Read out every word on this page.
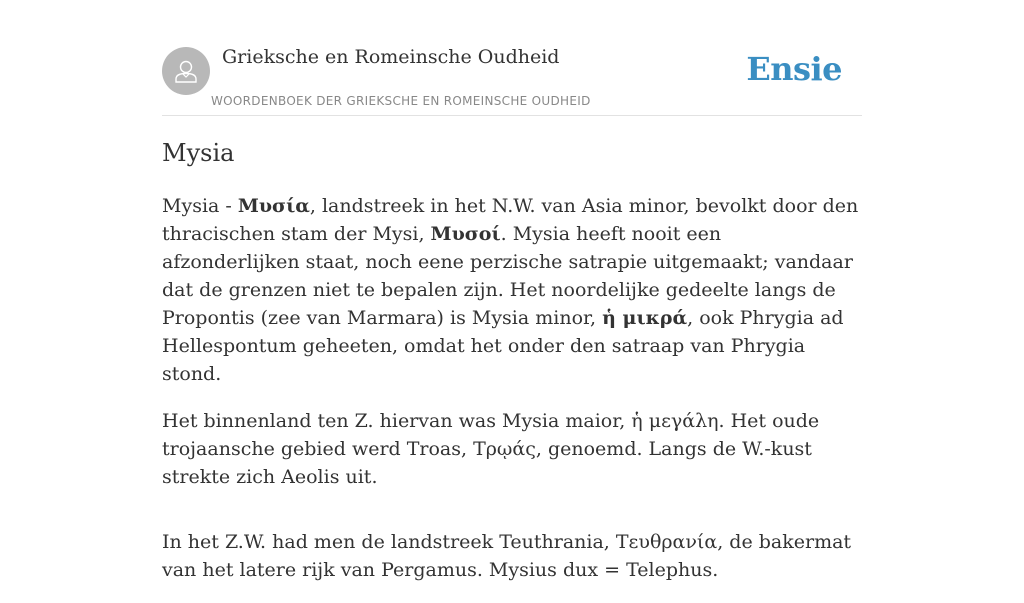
Grieksche en Romeinsche Oudheid
WOORDENBOEK DER GRIEKSCHE EN ROMEINSCHE OUDHEID
Ensie
Mysia

Mysia - Μυσία, landstreek in het N.W. van Asia minor, bevolkt door den thracischen stam der Mysi, Μυσοί. Mysia heeft nooit een afzonderlijken staat, noch eene perzische satrapie uitgemaakt; vandaar dat de grenzen niet te bepalen zijn. Het noordelijke gedeelte langs de Propontis (zee van Marmara) is Mysia minor, ἡ μικρά, ook Phrygia ad Hellespontum geheeten, omdat het onder den satraap van Phrygia stond.

Het binnenland ten Z. hiervan was Mysia maior, ἡ μεγάλη. Het oude trojaansche gebied werd Troas, Τρῳάς, genoemd. Langs de W.-kust strekte zich Aeolis uit.

In het Z.W. had men de landstreek Teuthrania, Τευθρανία, de bakermat van het latere rijk van Pergamus. Mysius dux = Telephus.
